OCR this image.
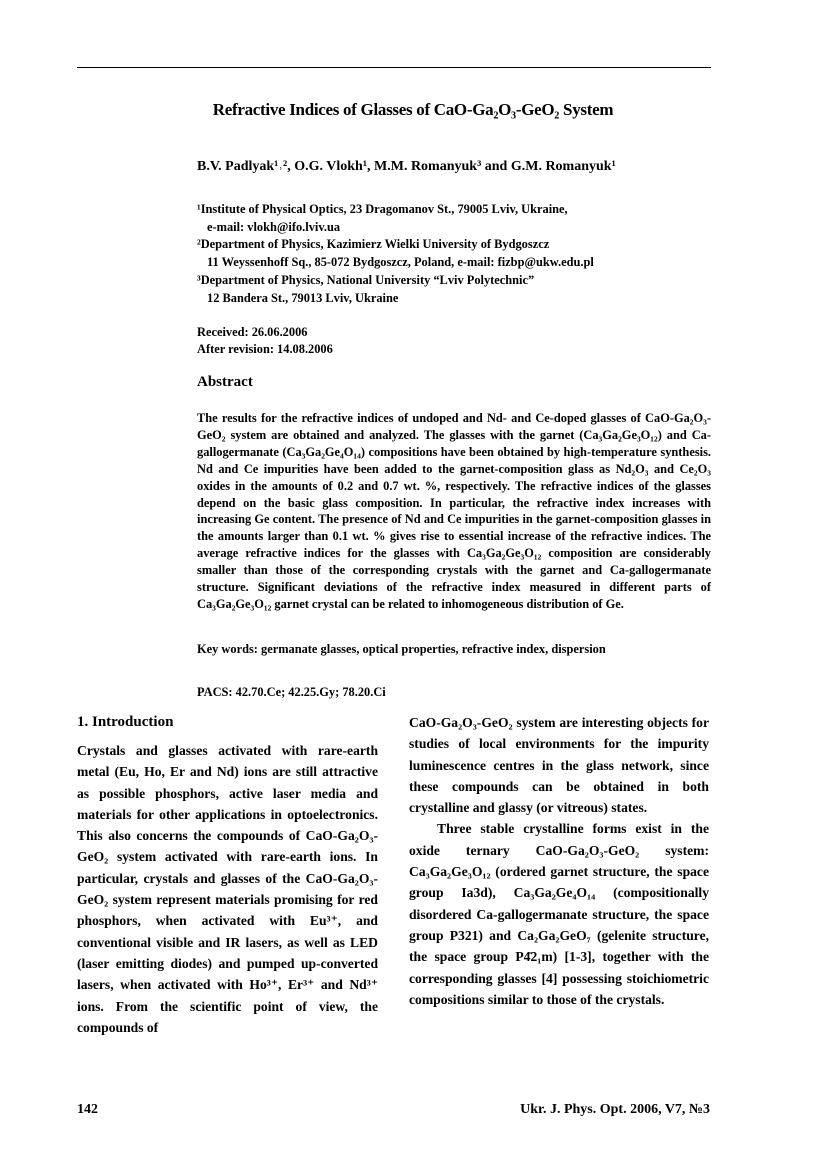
Refractive Indices of Glasses of CaO-Ga₂O₃-GeO₂ System
B.V. Padlyak¹˒², O.G. Vlokh¹, M.M. Romanyuk³ and G.M. Romanyuk¹
¹Institute of Physical Optics, 23 Dragomanov St., 79005 Lviv, Ukraine,
e-mail: vlokh@ifo.lviv.ua
²Department of Physics, Kazimierz Wielki University of Bydgoszcz
11 Weyssenhoff Sq., 85-072 Bydgoszcz, Poland, e-mail: fizbp@ukw.edu.pl
³Department of Physics, National University “Lviv Polytechnic”
12 Bandera St., 79013 Lviv, Ukraine
Received: 26.06.2006
After revision: 14.08.2006
Abstract
The results for the refractive indices of undoped and Nd- and Ce-doped glasses of CaO-Ga₂O₃-GeO₂ system are obtained and analyzed. The glasses with the garnet (Ca₃Ga₂Ge₃O₁₂) and Ca-gallogermanate (Ca₃Ga₂Ge₄O₁₄) compositions have been obtained by high-temperature synthesis. Nd and Ce impurities have been added to the garnet-composition glass as Nd₂O₃ and Ce₂O₃ oxides in the amounts of 0.2 and 0.7 wt. %, respectively. The refractive indices of the glasses depend on the basic glass composition. In particular, the refractive index increases with increasing Ge content. The presence of Nd and Ce impurities in the garnet-composition glasses in the amounts larger than 0.1 wt. % gives rise to essential increase of the refractive indices. The average refractive indices for the glasses with Ca₃Ga₂Ge₃O₁₂ composition are considerably smaller than those of the corresponding crystals with the garnet and Ca-gallogermanate structure. Significant deviations of the refractive index measured in different parts of Ca₃Ga₂Ge₃O₁₂ garnet crystal can be related to inhomogeneous distribution of Ge.
Key words: germanate glasses, optical properties, refractive index, dispersion
PACS: 42.70.Ce; 42.25.Gy; 78.20.Ci
1. Introduction

Crystals and glasses activated with rare-earth metal (Eu, Ho, Er and Nd) ions are still attractive as possible phosphors, active laser media and materials for other applications in optoelectronics. This also concerns the compounds of CaO-Ga₂O₃-GeO₂ system activated with rare-earth ions. In particular, crystals and glasses of the CaO-Ga₂O₃-GeO₂ system represent materials promising for red phosphors, when activated with Eu³⁺, and conventional visible and IR lasers, as well as LED (laser emitting diodes) and pumped up-converted lasers, when activated with Ho³⁺, Er³⁺ and Nd³⁺ ions. From the scientific point of view, the compounds of

CaO-Ga₂O₃-GeO₂ system are interesting objects for studies of local environments for the impurity luminescence centres in the glass network, since these compounds can be obtained in both crystalline and glassy (or vitreous) states.

Three stable crystalline forms exist in the oxide ternary CaO-Ga₂O₃-GeO₂ system: Ca₃Ga₂Ge₃O₁₂ (ordered garnet structure, the space group Ia3d), Ca₃Ga₂Ge₄O₁₄ (compositionally disordered Ca-gallogermanate structure, the space group P321) and Ca₂Ga₂GeO₇ (gelenite structure, the space group P4̄2₁m) [1-3], together with the corresponding glasses [4] possessing stoichiometric compositions similar to those of the crystals.

142	Ukr. J. Phys. Opt. 2006, V7, №3
